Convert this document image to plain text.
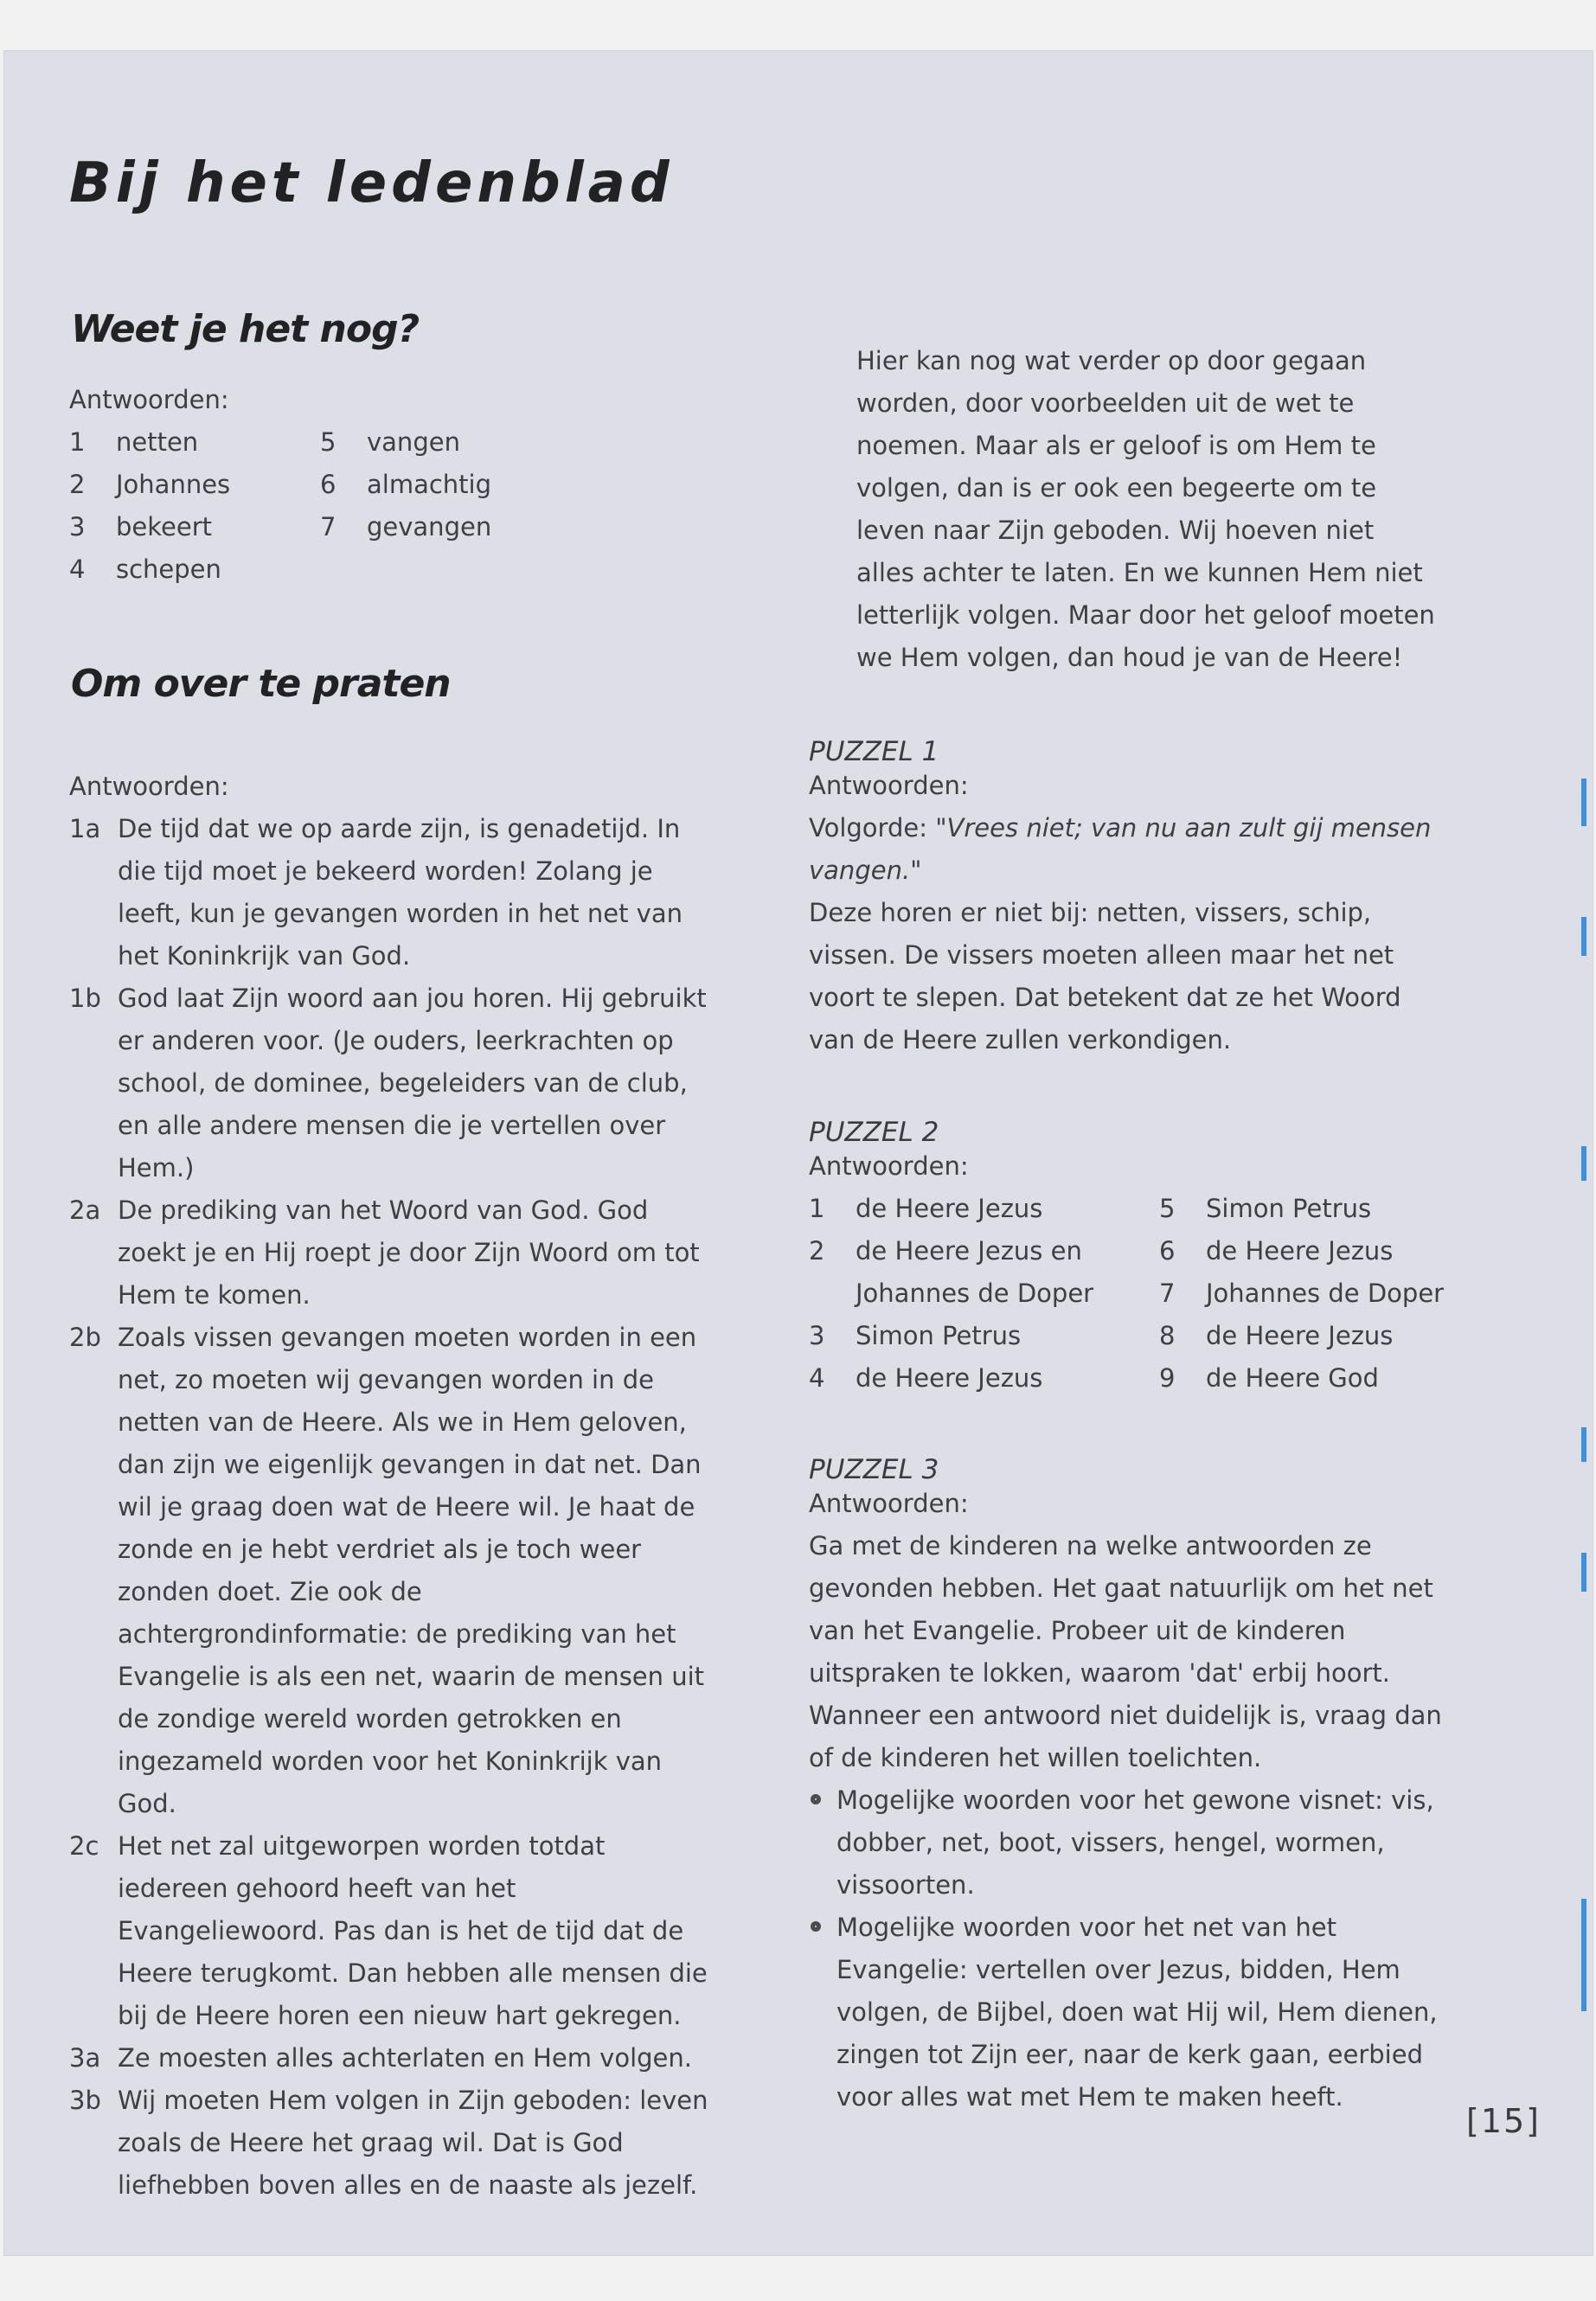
Bij het ledenblad
Weet je het nog?
Antwoorden:
1	netten
2	Johannes
3	bekeert
4	schepen
5	vangen
6	almachtig
7	gevangen
Om over te praten
Antwoorden:
1a De tijd dat we op aarde zijn, is genadetijd. In die tijd moet je bekeerd worden! Zolang je leeft, kun je gevangen worden in het net van het Koninkrijk van God.
1b God laat Zijn woord aan jou horen. Hij gebruikt er anderen voor. (Je ouders, leerkrachten op school, de dominee, begeleiders van de club, en alle andere mensen die je vertellen over Hem.)
2a De prediking van het Woord van God. God zoekt je en Hij roept je door Zijn Woord om tot Hem te komen.
2b Zoals vissen gevangen moeten worden in een net, zo moeten wij gevangen worden in de netten van de Heere. Als we in Hem geloven, dan zijn we eigenlijk gevangen in dat net. Dan wil je graag doen wat de Heere wil. Je haat de zonde en je hebt verdriet als je toch weer zonden doet. Zie ook de achtergrondinformatie: de prediking van het Evangelie is als een net, waarin de mensen uit de zondige wereld worden getrokken en ingezameld worden voor het Koninkrijk van God.
2c Het net zal uitgeworpen worden totdat iedereen gehoord heeft van het Evangeliewoord. Pas dan is het de tijd dat de Heere terugkomt. Dan hebben alle mensen die bij de Heere horen een nieuw hart gekregen.
3a Ze moesten alles achterlaten en Hem volgen.
3b Wij moeten Hem volgen in Zijn geboden: leven zoals de Heere het graag wil. Dat is God liefhebben boven alles en de naaste als jezelf.
Hier kan nog wat verder op door gegaan worden, door voorbeelden uit de wet te noemen. Maar als er geloof is om Hem te volgen, dan is er ook een begeerte om te leven naar Zijn geboden. Wij hoeven niet alles achter te laten. En we kunnen Hem niet letterlijk volgen. Maar door het geloof moeten we Hem volgen, dan houd je van de Heere!
PUZZEL 1
Antwoorden:
Volgorde: "Vrees niet; van nu aan zult gij mensen vangen."
Deze horen er niet bij: netten, vissers, schip, vissen. De vissers moeten alleen maar het net voort te slepen. Dat betekent dat ze het Woord van de Heere zullen verkondigen.
PUZZEL 2
Antwoorden:
1	de Heere Jezus
2	de Heere Jezus en Johannes de Doper
3	Simon Petrus
4	de Heere Jezus
5	Simon Petrus
6	de Heere Jezus
7	Johannes de Doper
8	de Heere Jezus
9	de Heere God
PUZZEL 3
Antwoorden:
Ga met de kinderen na welke antwoorden ze gevonden hebben. Het gaat natuurlijk om het net van het Evangelie. Probeer uit de kinderen uitspraken te lokken, waarom 'dat' erbij hoort.
Wanneer een antwoord niet duidelijk is, vraag dan of de kinderen het willen toelichten.
Mogelijke woorden voor het gewone visnet: vis, dobber, net, boot, vissers, hengel, wormen, vissoorten.
Mogelijke woorden voor het net van het Evangelie: vertellen over Jezus, bidden, Hem volgen, de Bijbel, doen wat Hij wil, Hem dienen, zingen tot Zijn eer, naar de kerk gaan, eerbied voor alles wat met Hem te maken heeft.
[15]
